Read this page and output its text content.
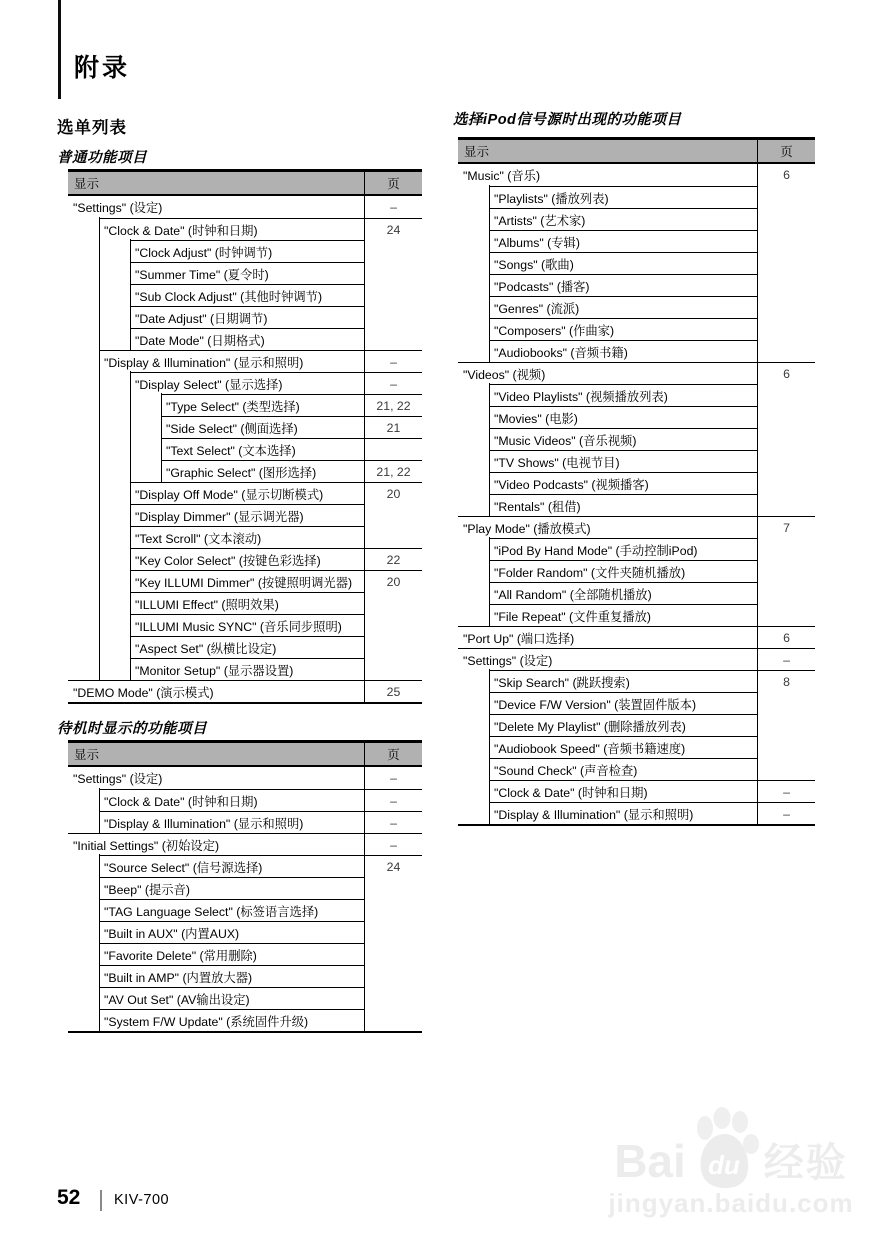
附录
选单列表
普通功能项目
显示	页
"Settings" (设定)	–
"Clock & Date" (时钟和日期)	24
"Clock Adjust" (时钟调节)
"Summer Time" (夏令时)
"Sub Clock Adjust" (其他时钟调节)
"Date Adjust" (日期调节)
"Date Mode" (日期格式)
"Display & Illumination" (显示和照明)	–
"Display Select" (显示选择)	–
"Type Select" (类型选择)	21, 22
"Side Select" (侧面选择)	21
"Text Select" (文本选择)
"Graphic Select" (图形选择)	21, 22
"Display Off Mode" (显示切断模式)	20
"Display Dimmer" (显示调光器)
"Text Scroll" (文本滚动)
"Key Color Select" (按键色彩选择)	22
"Key ILLUMI Dimmer" (按键照明调光器)	20
"ILLUMI Effect" (照明效果)
"ILLUMI Music SYNC" (音乐同步照明)
"Aspect Set" (纵横比设定)
"Monitor Setup" (显示器设置)
"DEMO Mode" (演示模式)	25
待机时显示的功能项目
显示	页
"Settings" (设定)	–
"Clock & Date" (时钟和日期)	–
"Display & Illumination" (显示和照明)	–
"Initial Settings" (初始设定)	–
"Source Select" (信号源选择)	24
"Beep" (提示音)
"TAG Language Select" (标签语言选择)
"Built in AUX" (内置AUX)
"Favorite Delete" (常用删除)
"Built in AMP" (内置放大器)
"AV Out Set" (AV输出设定)
"System F/W Update" (系统固件升级)
选择iPod信号源时出现的功能项目
显示	页
"Music" (音乐)	6
"Playlists" (播放列表)
"Artists" (艺术家)
"Albums" (专辑)
"Songs" (歌曲)
"Podcasts" (播客)
"Genres" (流派)
"Composers" (作曲家)
"Audiobooks" (音频书籍)
"Videos" (视频)	6
"Video Playlists" (视频播放列表)
"Movies" (电影)
"Music Videos" (音乐视频)
"TV Shows" (电视节目)
"Video Podcasts" (视频播客)
"Rentals" (租借)
"Play Mode" (播放模式)	7
"iPod By Hand Mode" (手动控制iPod)
"Folder Random" (文件夹随机播放)
"All Random" (全部随机播放)
"File Repeat" (文件重复播放)
"Port Up" (端口选择)	6
"Settings" (设定)	–
"Skip Search" (跳跃搜索)	8
"Device F/W Version" (装置固件版本)
"Delete My Playlist" (删除播放列表)
"Audiobook Speed" (音频书籍速度)
"Sound Check" (声音检查)
"Clock & Date" (时钟和日期)	–
"Display & Illumination" (显示和照明)	–
52 KIV-700
Bai du 经验
jingyan.baidu.com
